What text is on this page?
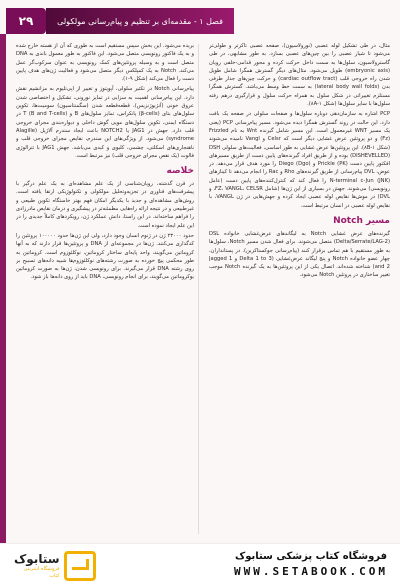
فصل ۱ - مقدمه‌ای بر تنظیم و پیام‌رسانی مولکولی
۲۹

مثال، در طی تشکیل لوله عصبی (نورولاسیون)، صفحه عصبی تاکرتر و طولی‌تر می‌شود تا شیار عصبی را بین چین‌های عصبی بسازد. به طور مشابهی، در طی گاسترولاسیون، سلول‌ها به سمت داخل حرکت کرده و محور قدامی-خلفی رویان (embryonic axis) طویل می‌شود. مثال‌های دیگر گسترش همگرا شامل طویل شدن راه خروجی قلب (cardiac outflow tract) و حرکت چین‌های جدار طرفی بدن (lateral body wall folds) به سمت خط وسط می‌باشد. گسترش همگرا مستلزم تغییراتی در شکل سلول به همراه حرکت سلول و قرارگیری درهم رفته سلول‌ها با سایر سلول‌ها (شکل ۸A-۱).

PCP اشاره به سازمان‌دهی دوباره سلول‌ها و صفحات سلولی در صفحه یک بافت دارد. این حالت در روند گسترش همگرا دیده می‌شود. مسیر پیام‌رسانی PCP (یعنی یک مسیر WNT غیرمعمول است. این مسیر شامل گیرنده Wnt به نام Frizzled (Fz) و دو پروتئین عرض غشایی دیگر است که Celsr و Vangl نامیده می‌شوند (شکل ۸B-۱). این پروتئین‌ها عرض غشایی به طور اساسی، فعالیت‌های سلولی DSH (DISHEVELLED) بوده و از طریق افراد گیرنده‌های پایین دست از طریق مسیرهای افکتور پایین دست Prickle (PK) و Diego (Dgo) را مورد هدف قرار می‌دهد. در عوض، DVL پیام‌رسانی از طریق گیرنده‌های Rho و Rac را انجام می‌دهد تا کینازهای N-terminal c-Jun (JNK) را فعال کند که کنترل‌کننده‌های پایین دست (عامل رونویسی) می‌شوند. جهش در بسیاری از این ژن‌ها (شامل FZ، VANGL، CELSR، و DVL) در موش‌ها نقایص لوله عصبی ایجاد کرده و جهش‌هایی در ژن VANGL، با نقایص لوله عصبی در انسان مرتبط است.

مسیر Notch

گیرنده‌های عرض غشایی Notch به لیگاندهای عرض‌غشایی خانواده DSL (Delta/Serrate/LAG-2) متصل می‌شوند. برای فعال شدن مسیر Notch، سلول‌ها به طور مستقیم با هم تماس برقرار کنند (پیام‌رسانی جوکستاکرین). در پستانداران، چهار عضو خانواده Notch و پنج لیگاند عرض‌غشایی (Delta 1 to 3 و Jagged 1 and 2) شناخته شده‌اند. اتصال یکی از این پروتئین‌ها به یک گیرنده Notch موجب تغییر ساختاری در پروتئین Notch می‌شود.

بریده می‌شود. این بخش سپس مستقیم است به طوری که آن از هسته خارج شده و به یک فاکتور رونویسی متصل می‌شود. این فاکتور به طور معمول باندی به DNA متصل است و به وسیله پروتئین‌های کمک رونویسی به عنوان سرکوب‌گر عمل می‌کند. Notch به یک کمپلکس دیگر متصل می‌شود و فعالیت ژن‌های هدف پایین دست را فعال می‌کند (شکل ۹-۱).

پیام‌رسانی Notch در تکثیر سلولی، آپوپتوز و تغییر از اپی‌تلیوم به مزانشیم نقش دارد. این پیام‌رسانی اهمیت به سزایی در تمایز نورونی، تشکیل و اختصاصی شدن عروق خونی (آنژیوژنزیس)، قطعه‌قطعه شدن (سگمنتاسیون) سومیت‌ها، تکوین سلول‌های بتای (β-cells) پانکراس، تمایز سلول‌های B و T (B and T-cells) در دستگاه ایمنی، تکوین سلول‌های مویی گوش داخلی و دیواره‌بندی مجرای خروجی قلب دارد. جهش در JAG1 یا NOTCH2 باعث ایجاد سندرم آلاژیل (Alagille syndrome) می‌شود. از ویژگی‌های این سندرم، نقایص مجرای خروجی قلب و ناهنجاری‌های اسکلتی، چشمی، کلیوی و کبدی می‌باشد. جهش JAG1 با تترالوژی فالوت (یک نقص مجرای خروجی قلب) نیز مرتبط است.

خلاصه

در قرن گذشته، رویان‌شناسی از یک علم مشاهده‌ای به یک علم درگیر با پیشرفت‌های فناوری در تجزیه‌وتحلیل مولکولی و تکنولوژیکی ارتقا یافته است. روش‌های مشاهده‌ای و جدید با یکدیگر امکان فهم بهتر خاستگاه تکوین طبیعی و غیرطبیعی و در نتیجه ارائه راه‌هایی مطمئنه‌تر در پیشگیری و درمان نقایص مادرزادی را فراهم ساخته‌اند. در این راستا، دانش عملکرد ژن، رویکردهای کاملاً جدیدی را در این علم ایجاد نموده است.

حدود ۲۳۰۰۰ ژن در ژنوم انسان وجود دارد، ولی این ژن‌ها حدود ۱۰۰۰۰۰ پروتئین را کدگذاری می‌کنند. ژن‌ها در مجموعه‌ای از DNA و پروتئین‌ها قرار دارند که به آنها کروماتین می‌گویند، واحد پایه‌ای ساختار کروماتین، نوکلئوزوم است. کروماتین به طور محکمی پیچ خورده به صورت رشته‌های نوکلئوزوم‌ها شبیه دانه‌های تسبیح بر روی رشته DNA قرار می‌گیرند. برای رونویسی شدن، ژن‌ها به صورت کروماتین یوکروماتین می‌گویند، برای انجام رونویسی، DNA باید از روی دانه‌ها باز شود.

ستابوک
فروشگاه اینترنتی کتاب
فروشگاه کتاب پزشکی ستابوک
WWW.SETABOOK.COM
